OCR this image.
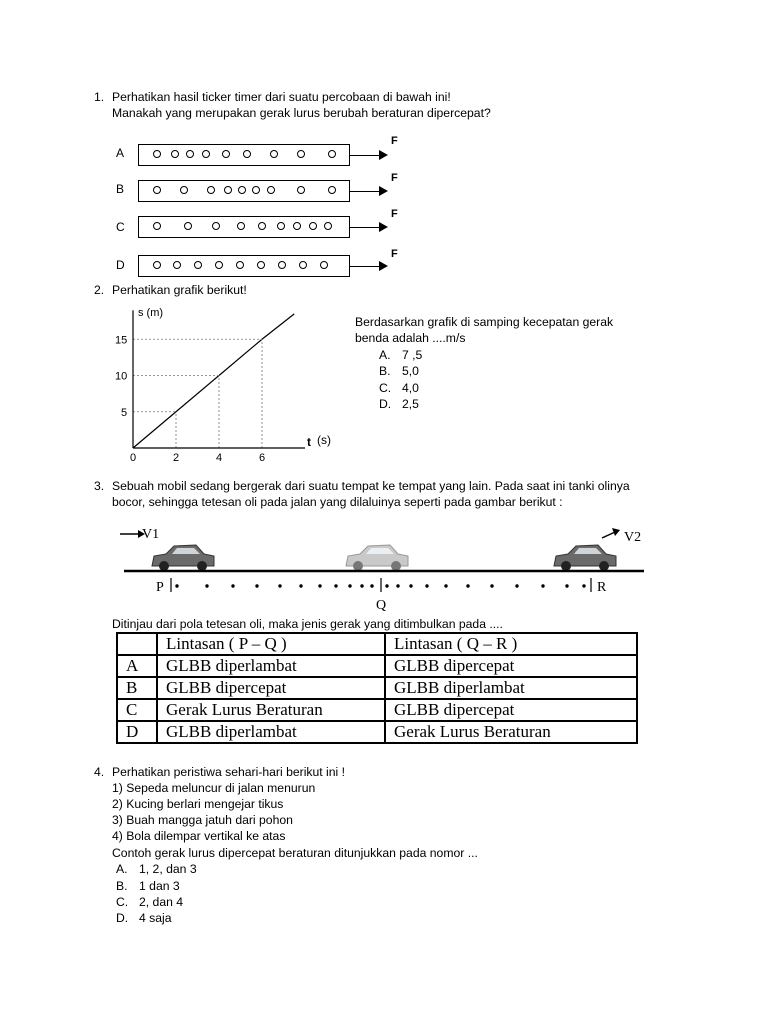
1. Perhatikan hasil ticker timer dari suatu percobaan di bawah ini!
Manakah yang merupakan gerak lurus berubah beraturan dipercepat?
A
F
B
F
C
F
D
F
2. Perhatikan grafik berikut!
s (m)
t (s)
0	2	4	6
5
10
15
Berdasarkan grafik di samping kecepatan gerak
benda adalah ....m/s
A. 7 ,5
B. 5,0
C. 4,0
D. 2,5
3. Sebuah mobil sedang bergerak dari suatu tempat ke tempat yang lain. Pada saat ini tanki olinya
bocor, sehingga tetesan oli pada jalan yang dilaluinya seperti pada gambar berikut :
V1	V2
P
Q
R
Ditinjau dari pola tetesan oli, maka jenis gerak yang ditimbulkan pada ....
	Lintasan ( P – Q )	Lintasan ( Q – R )
A	GLBB diperlambat	GLBB dipercepat
B	GLBB dipercepat	GLBB diperlambat
C	Gerak Lurus Beraturan	GLBB dipercepat
D	GLBB diperlambat	Gerak Lurus Beraturan
4. Perhatikan peristiwa sehari-hari berikut ini !
1) Sepeda meluncur di jalan menurun
2) Kucing berlari mengejar tikus
3) Buah mangga jatuh dari pohon
4) Bola dilempar vertikal ke atas
Contoh gerak lurus dipercepat beraturan ditunjukkan pada nomor ...
A. 1, 2, dan 3
B. 1 dan 3
C. 2, dan 4
D. 4 saja
